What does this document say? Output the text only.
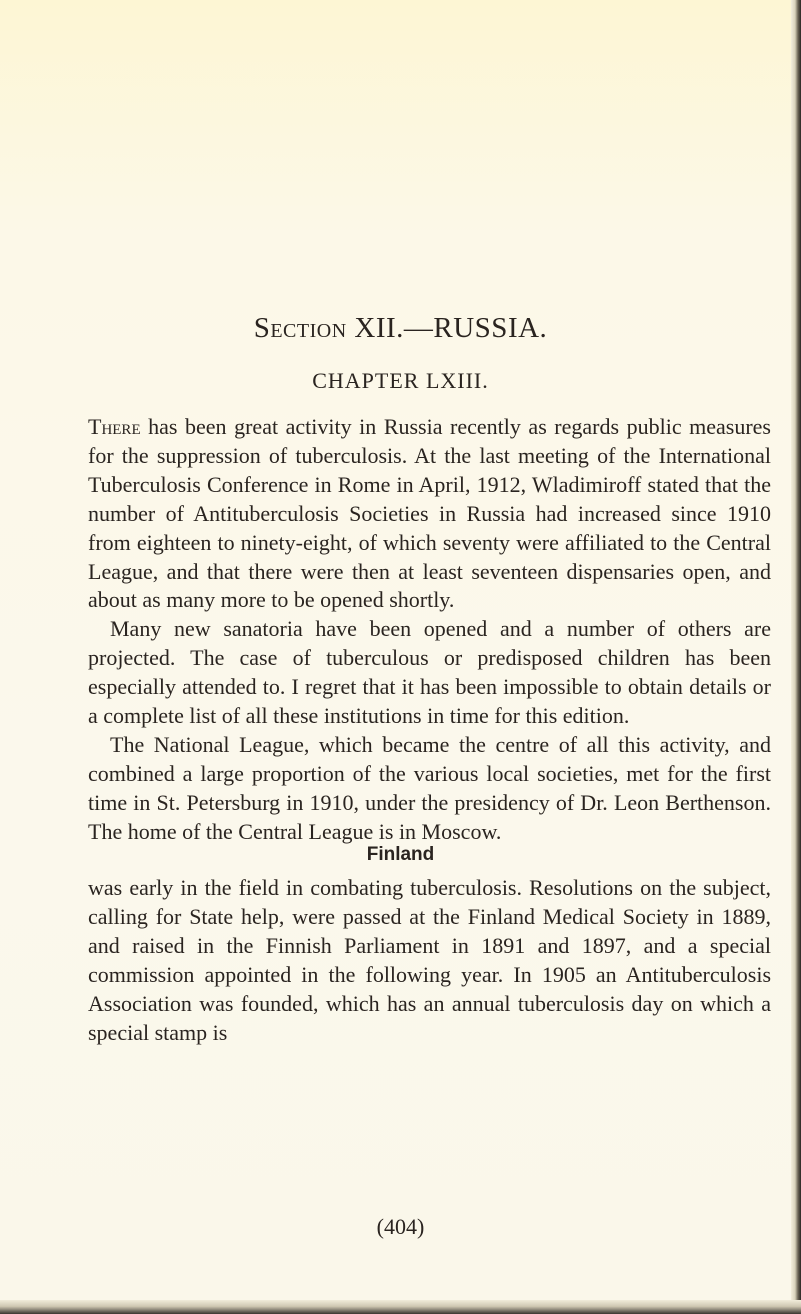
Section XII.—RUSSIA.
CHAPTER LXIII.

There has been great activity in Russia recently as regards public measures for the suppression of tuberculosis. At the last meeting of the International Tuberculosis Conference in Rome in April, 1912, Wladimiroff stated that the number of Antituberculosis Societies in Russia had increased since 1910 from eighteen to ninety-eight, of which seventy were affiliated to the Central League, and that there were then at least seventeen dispensaries open, and about as many more to be opened shortly.

Many new sanatoria have been opened and a number of others are projected. The case of tuberculous or predisposed children has been especially attended to. I regret that it has been impossible to obtain details or a complete list of all these institutions in time for this edition.

The National League, which became the centre of all this activity, and combined a large proportion of the various local societies, met for the first time in St. Petersburg in 1910, under the presidency of Dr. Leon Berthenson. The home of the Central League is in Moscow.

Finland

was early in the field in combating tuberculosis. Resolutions on the subject, calling for State help, were passed at the Finland Medical Society in 1889, and raised in the Finnish Parliament in 1891 and 1897, and a special commission appointed in the following year. In 1905 an Antituberculosis Association was founded, which has an annual tuberculosis day on which a special stamp is

(404)
